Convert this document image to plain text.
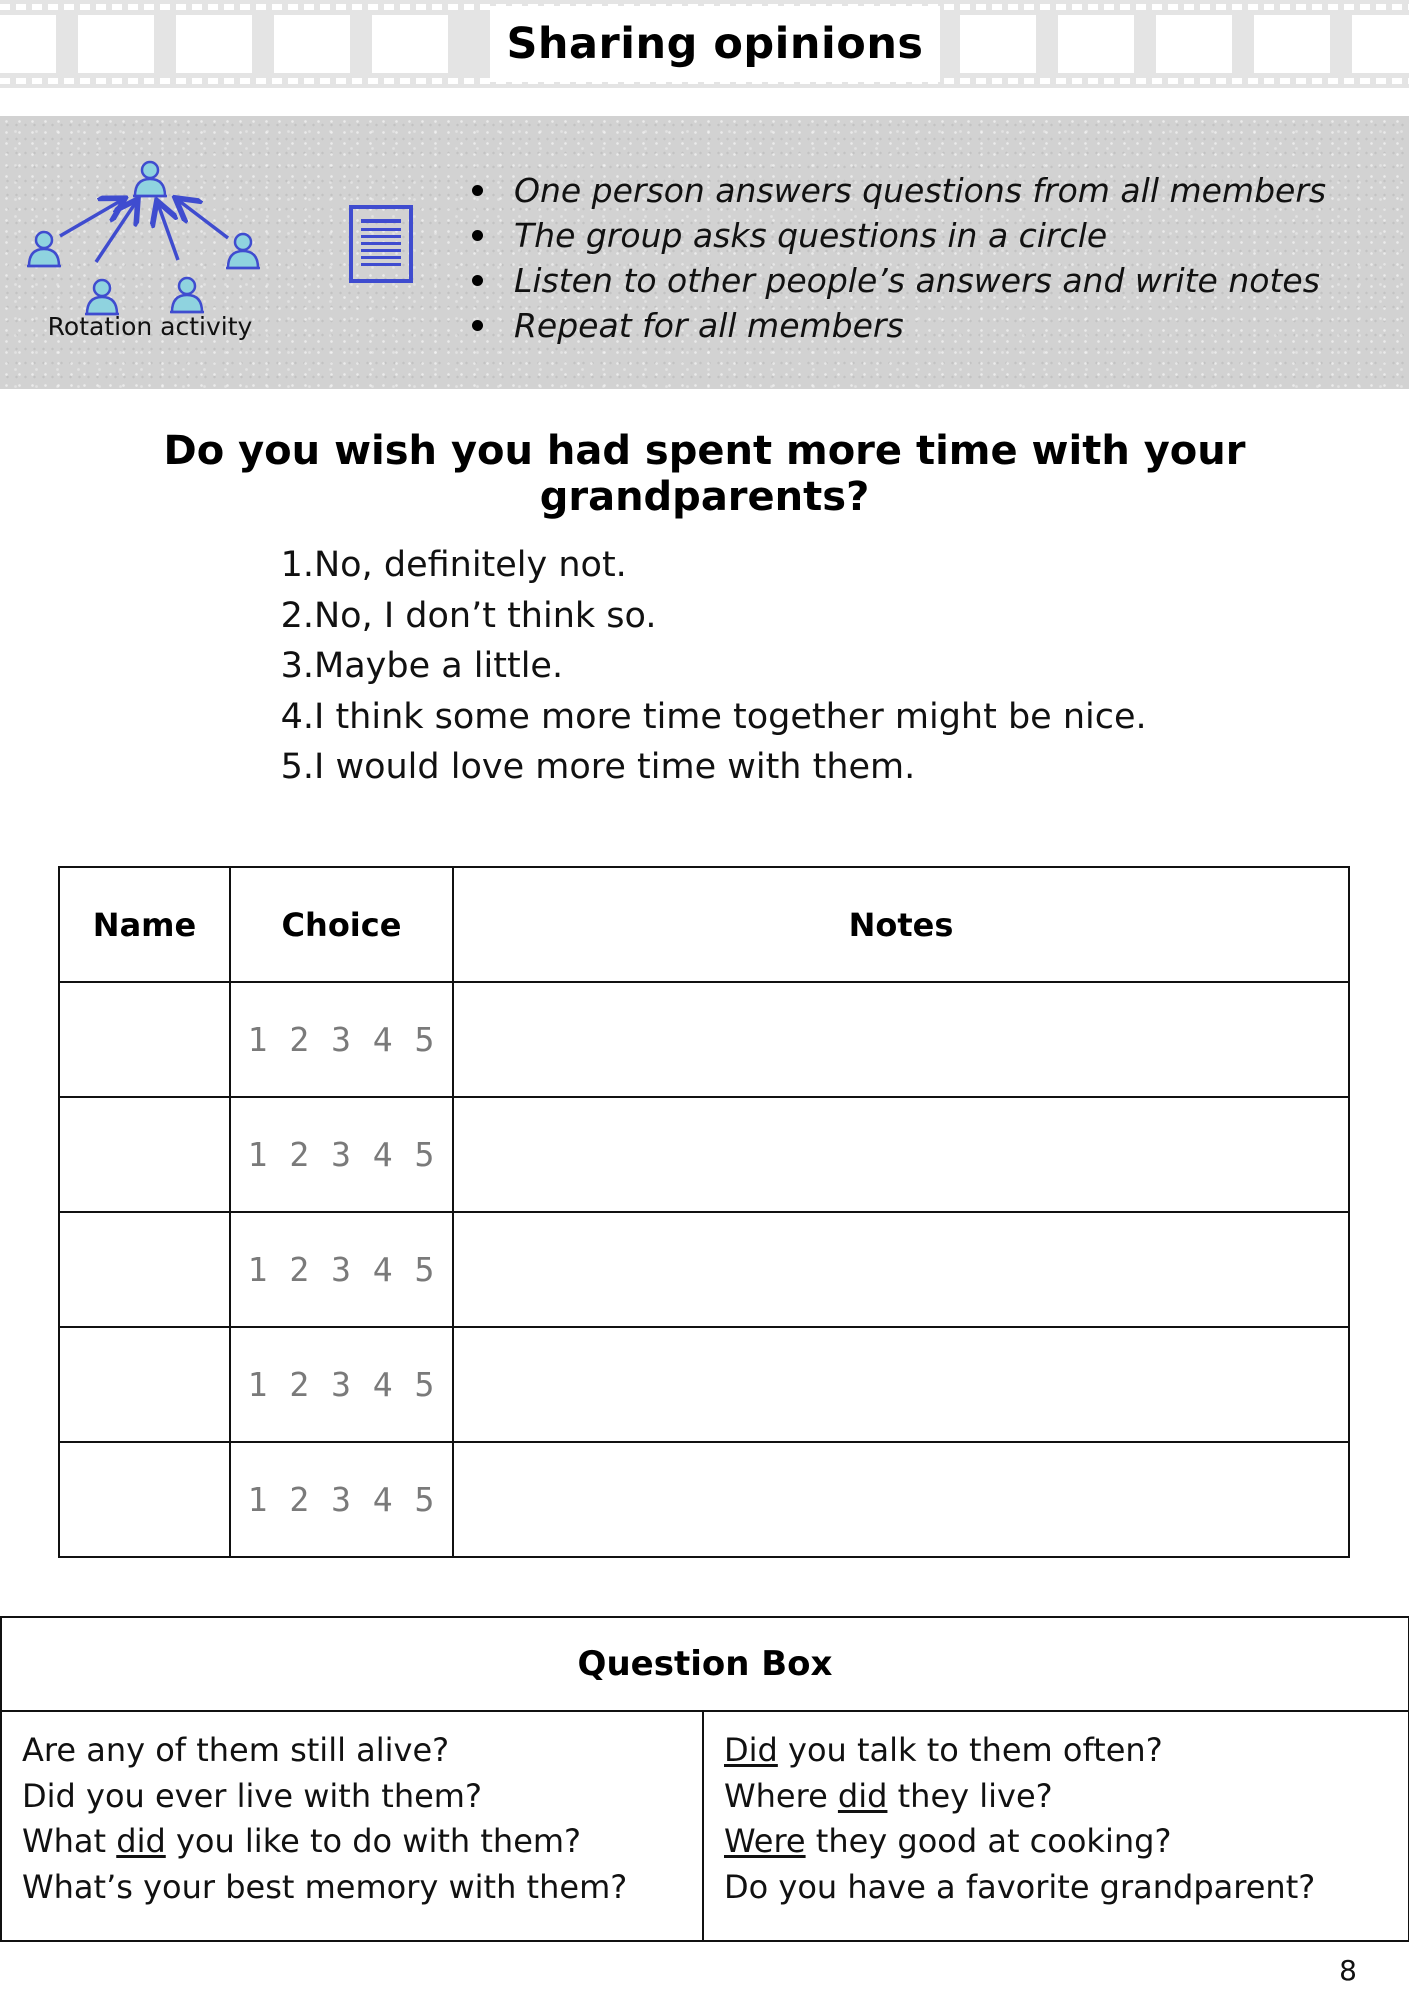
Sharing opinions
Rotation activity
One person answers questions from all members
The group asks questions in a circle
Listen to other people’s answers and write notes
Repeat for all members
Do you wish you had spent more time with your grandparents?
1. No, definitely not.
2. No, I don’t think so.
3. Maybe a little.
4. I think some more time together might be nice.
5. I would love more time with them.
Name	Choice	Notes
	1 2 3 4 5	
	1 2 3 4 5	
	1 2 3 4 5	
	1 2 3 4 5	
	1 2 3 4 5	
Question Box

Are any of them still alive?
Did you ever live with them?
What did you like to do with them?
What’s your best memory with them?

Did you talk to them often?
Where did they live?
Were they good at cooking?
Do you have a favorite grandparent?
8
